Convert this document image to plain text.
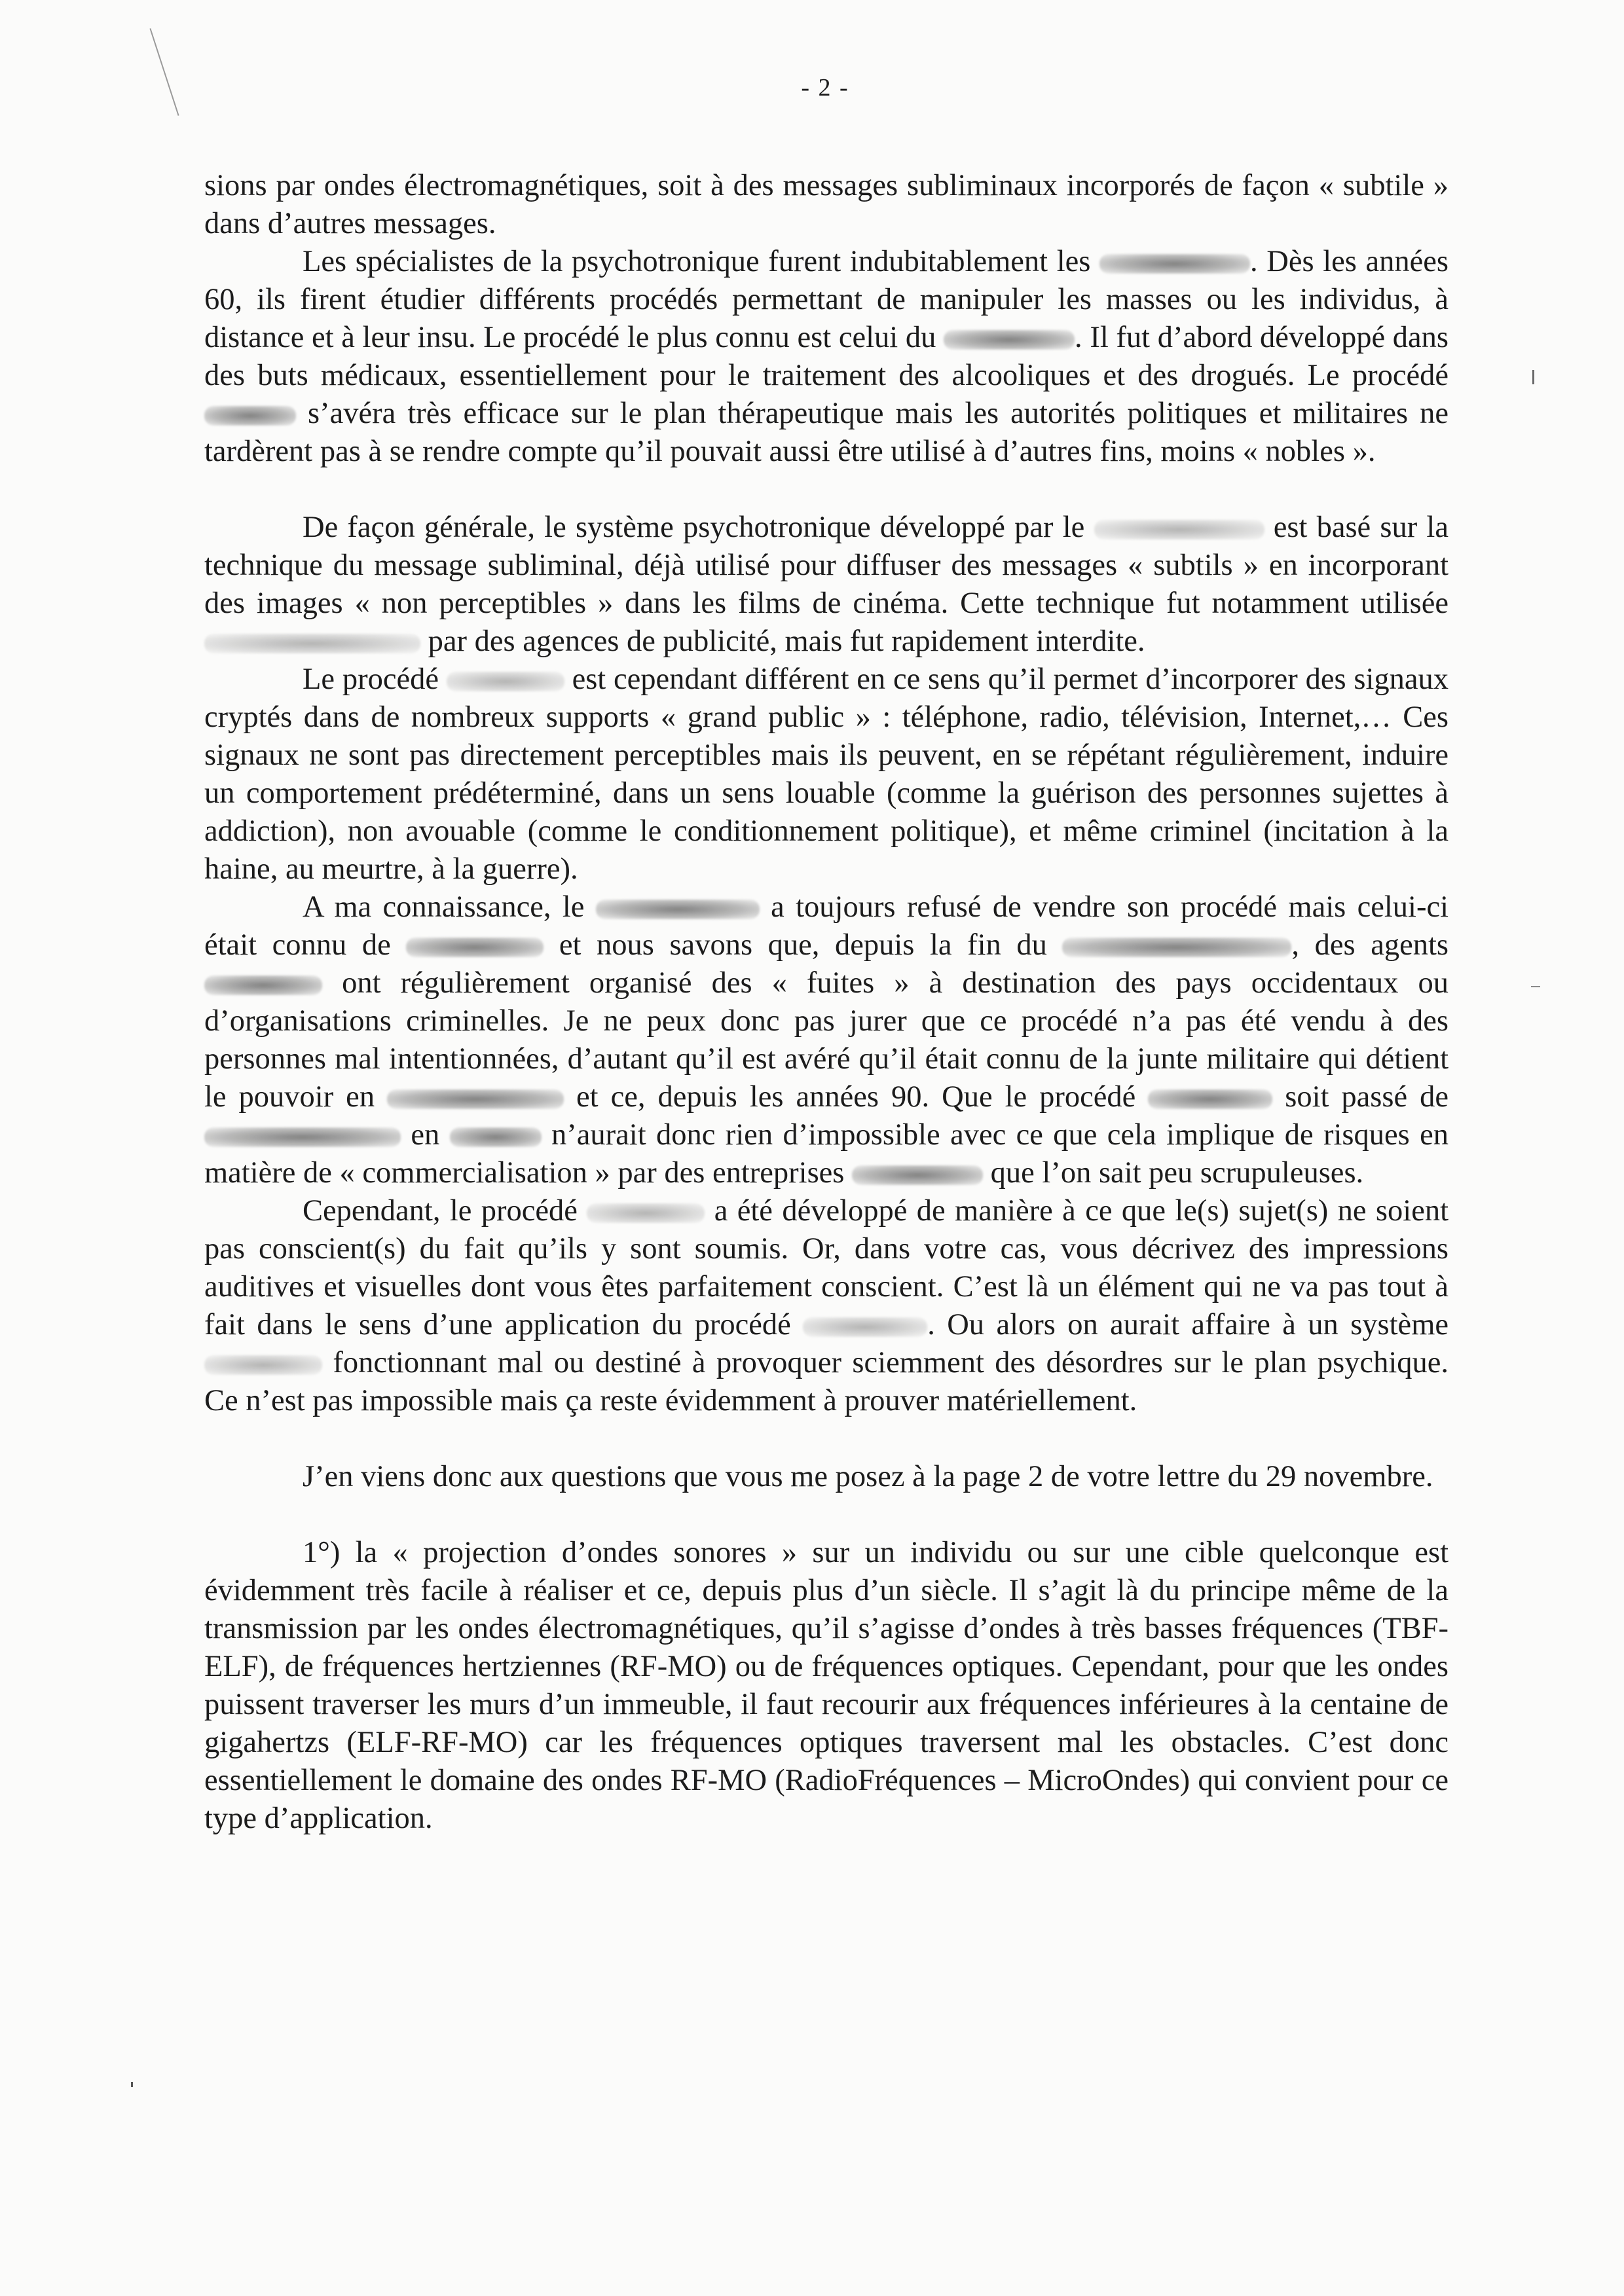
- 2 -

sions par ondes électromagnétiques, soit à des messages subliminaux incorporés de façon « subtile » dans d’autres messages.

Les spécialistes de la psychotronique furent indubitablement les	. Dès les années 60, ils firent étudier différents procédés permettant de manipuler les masses ou les individus, à distance et à leur insu. Le procédé le plus connu est celui du	. Il fut d’abord développé dans des buts médicaux, essentiellement pour le traitement des alcooliques et des drogués. Le procédé  s’avéra très efficace sur le plan thérapeutique mais les autorités politiques et militaires ne tardèrent pas à se rendre compte qu’il pouvait aussi être utilisé à d’autres fins, moins « nobles ».

De façon générale, le système psychotronique développé par le	est basé sur la technique du message subliminal, déjà utilisé pour diffuser des messages « subtils » en incorporant des images « non perceptibles » dans les films de cinéma. Cette technique fut notamment utilisée  par des agences de publicité, mais fut rapidement interdite.

Le procédé	est cependant différent en ce sens qu’il permet d’incorporer des signaux cryptés dans de nombreux supports « grand public » : téléphone, radio, télévision, Internet,… Ces signaux ne sont pas directement perceptibles mais ils peuvent, en se répétant régulièrement, induire un comportement prédéterminé, dans un sens louable (comme la guérison des personnes sujettes à addiction), non avouable (comme le conditionnement politique), et même criminel (incitation à la haine, au meurtre, à la guerre).

A ma connaissance, le	a toujours refusé de vendre son procédé mais celui-ci était connu de	et nous savons que, depuis la fin du	, des agents  ont régulièrement organisé des « fuites » à destination des pays occidentaux ou d’organisations criminelles. Je ne peux donc pas jurer que ce procédé n’a pas été vendu à des personnes mal intentionnées, d’autant qu’il est avéré qu’il était connu de la junte militaire qui détient le pouvoir en	et ce, depuis les années 90. Que le procédé	soit passé de  en	n’aurait donc rien d’impossible avec ce que cela implique de risques en matière de « commercialisation » par des entreprises	que l’on sait peu scrupuleuses.

Cependant, le procédé	a été développé de manière à ce que le(s) sujet(s) ne soient pas conscient(s) du fait qu’ils y sont soumis. Or, dans votre cas, vous décrivez des impressions auditives et visuelles dont vous êtes parfaitement conscient. C’est là un élément qui ne va pas tout à fait dans le sens d’une application du procédé	. Ou alors on aurait affaire à un système  fonctionnant mal ou destiné à provoquer sciemment des désordres sur le plan psychique. Ce n’est pas impossible mais ça reste évidemment à prouver matériellement.

J’en viens donc aux questions que vous me posez à la page 2 de votre lettre du 29 novembre.

1°) la « projection d’ondes sonores » sur un individu ou sur une cible quelconque est évidemment très facile à réaliser et ce, depuis plus d’un siècle. Il s’agit là du principe même de la transmission par les ondes électromagnétiques, qu’il s’agisse d’ondes à très basses fréquences (TBF-ELF), de fréquences hertziennes (RF-MO) ou de fréquences optiques. Cependant, pour que les ondes puissent traverser les murs d’un immeuble, il faut recourir aux fréquences inférieures à la centaine de gigahertzs (ELF-RF-MO) car les fréquences optiques traversent mal les obstacles. C’est donc essentiellement le domaine des ondes RF-MO (RadioFréquences – MicroOndes) qui convient pour ce type d’application.
